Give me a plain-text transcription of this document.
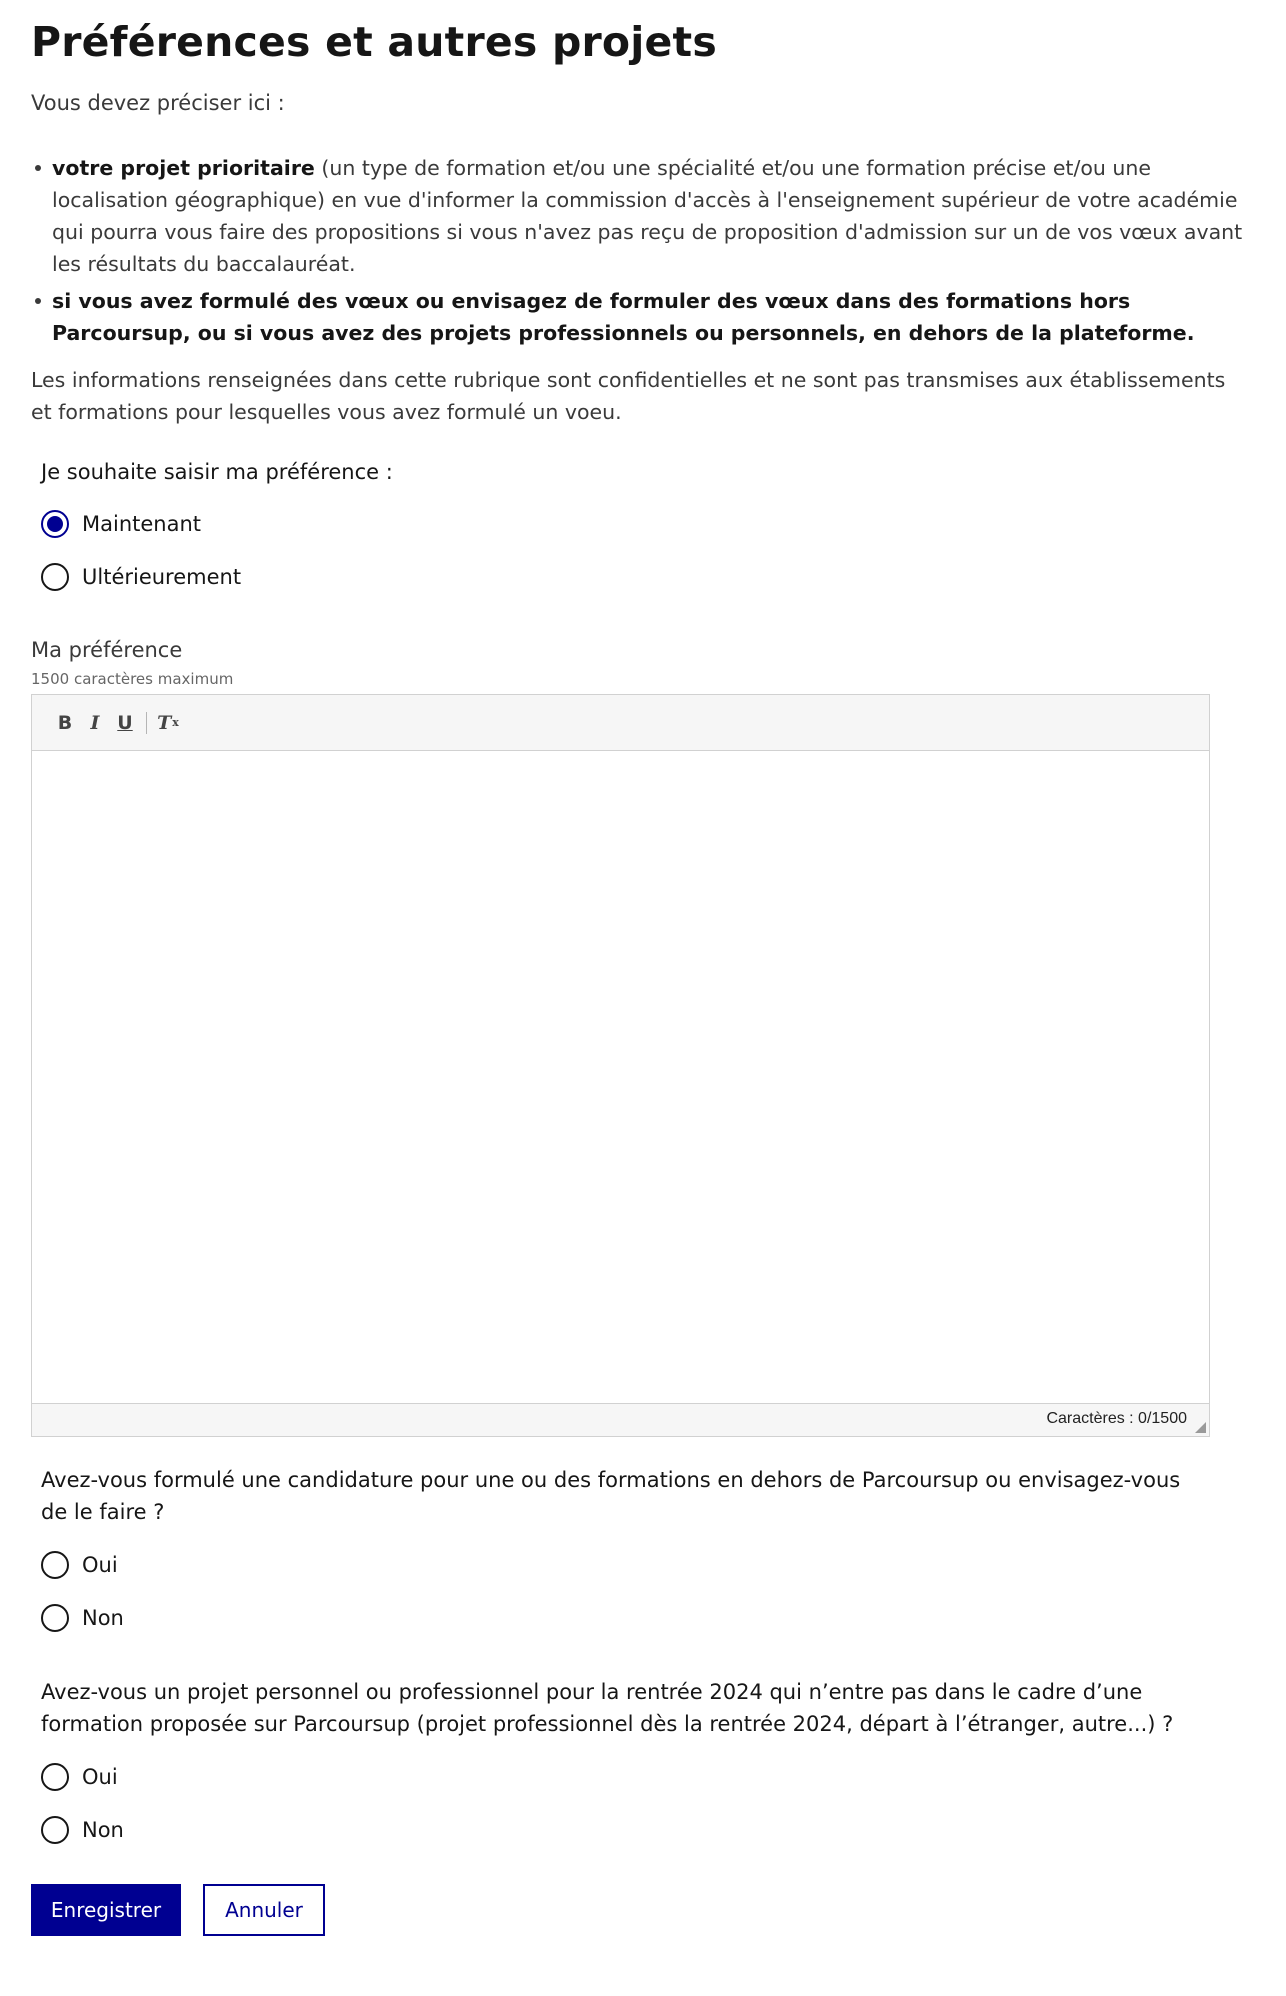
Préférences et autres projets

Vous devez préciser ici :

votre projet prioritaire (un type de formation et/ou une spécialité et/ou une formation précise et/ou une localisation géographique) en vue d'informer la commission d'accès à l'enseignement supérieur de votre académie qui pourra vous faire des propositions si vous n'avez pas reçu de proposition d'admission sur un de vos vœux avant les résultats du baccalauréat.
si vous avez formulé des vœux ou envisagez de formuler des vœux dans des formations hors Parcoursup, ou si vous avez des projets professionnels ou personnels, en dehors de la plateforme.

Les informations renseignées dans cette rubrique sont confidentielles et ne sont pas transmises aux établissements et formations pour lesquelles vous avez formulé un voeu.

Je souhaite saisir ma préférence :

Maintenant
Ultérieurement
Ma préférence
1500 caractères maximum
B I U	T x
Caractères : 0/1500

Avez-vous formulé une candidature pour une ou des formations en dehors de Parcoursup ou envisagez-vous de le faire ?

Oui
Non

Avez-vous un projet personnel ou professionnel pour la rentrée 2024 qui n’entre pas dans le cadre d’une formation proposée sur Parcoursup (projet professionnel dès la rentrée 2024, départ à l’étranger, autre...) ?

Oui
Non
Enregistrer	Annuler
